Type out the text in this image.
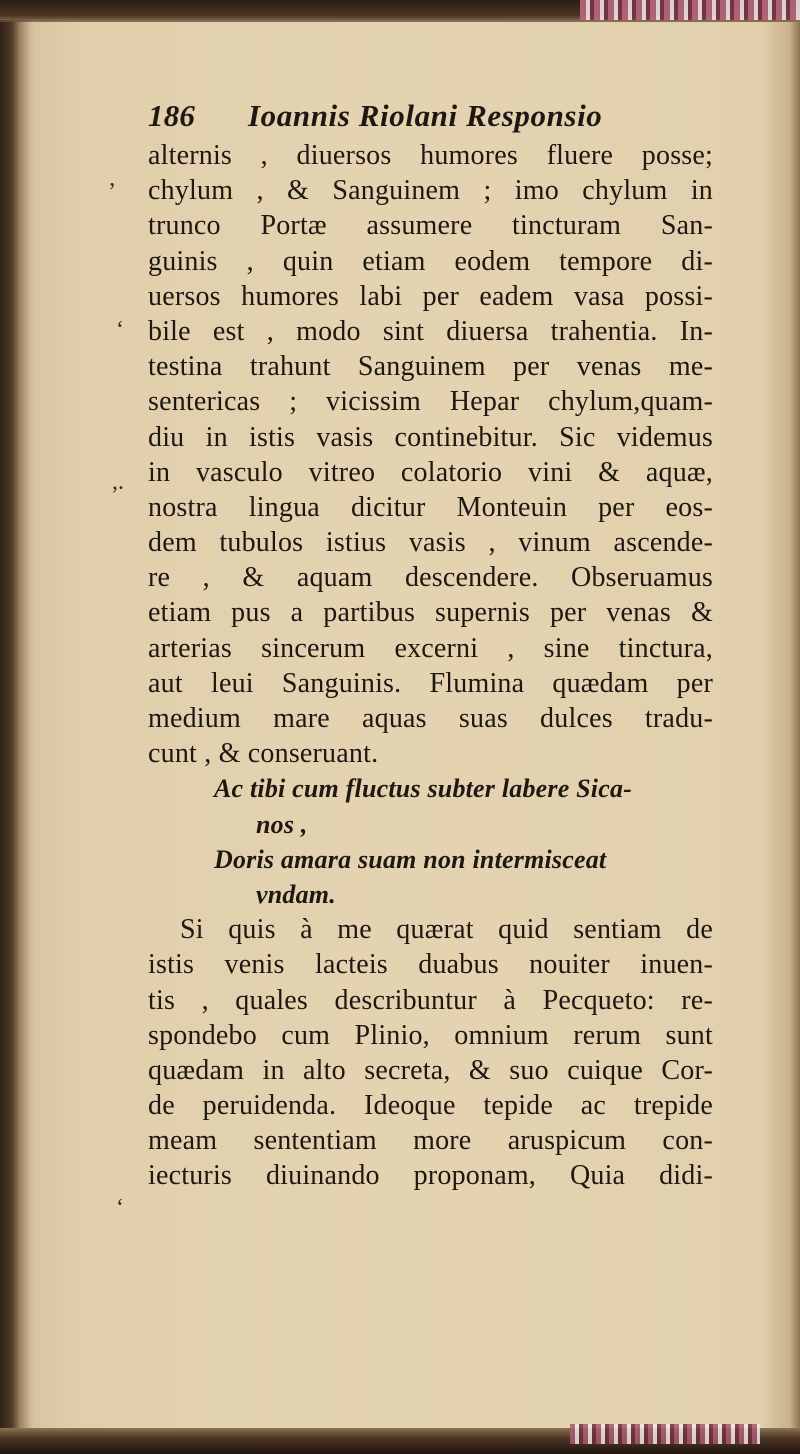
’
‘
,.
‘
186 Ioannis Riolani Responsio
alternis , diuersos humores fluere posse;
chylum , & Sanguinem ; imo chylum in
trunco Portæ assumere tincturam San-
guinis , quin etiam eodem tempore di-
uersos humores labi per eadem vasa possi-
bile est , modo sint diuersa trahentia. In-
testina trahunt Sanguinem per venas me-
sentericas ; vicissim Hepar chylum,quam-
diu in istis vasis continebitur. Sic videmus
in vasculo vitreo colatorio vini & aquæ,
nostra lingua dicitur Monteuin per eos-
dem tubulos istius vasis , vinum ascende-
re , & aquam descendere. Obseruamus
etiam pus a partibus supernis per venas &
arterias sincerum excerni , sine tinctura,
aut leui Sanguinis. Flumina quædam per
medium mare aquas suas dulces tradu-
cunt , & conseruant.
Ac tibi cum fluctus subter labere Sica-
nos ,
Doris amara suam non intermisceat
vndam.
Si quis à me quærat quid sentiam de
istis venis lacteis duabus nouiter inuen-
tis , quales describuntur à Pecqueto: re-
spondebo cum Plinio, omnium rerum sunt
quædam in alto secreta, & suo cuique Cor-
de peruidenda. Ideoque tepide ac trepide
meam sententiam more aruspicum con-
iecturis diuinando proponam, Quia didi-
